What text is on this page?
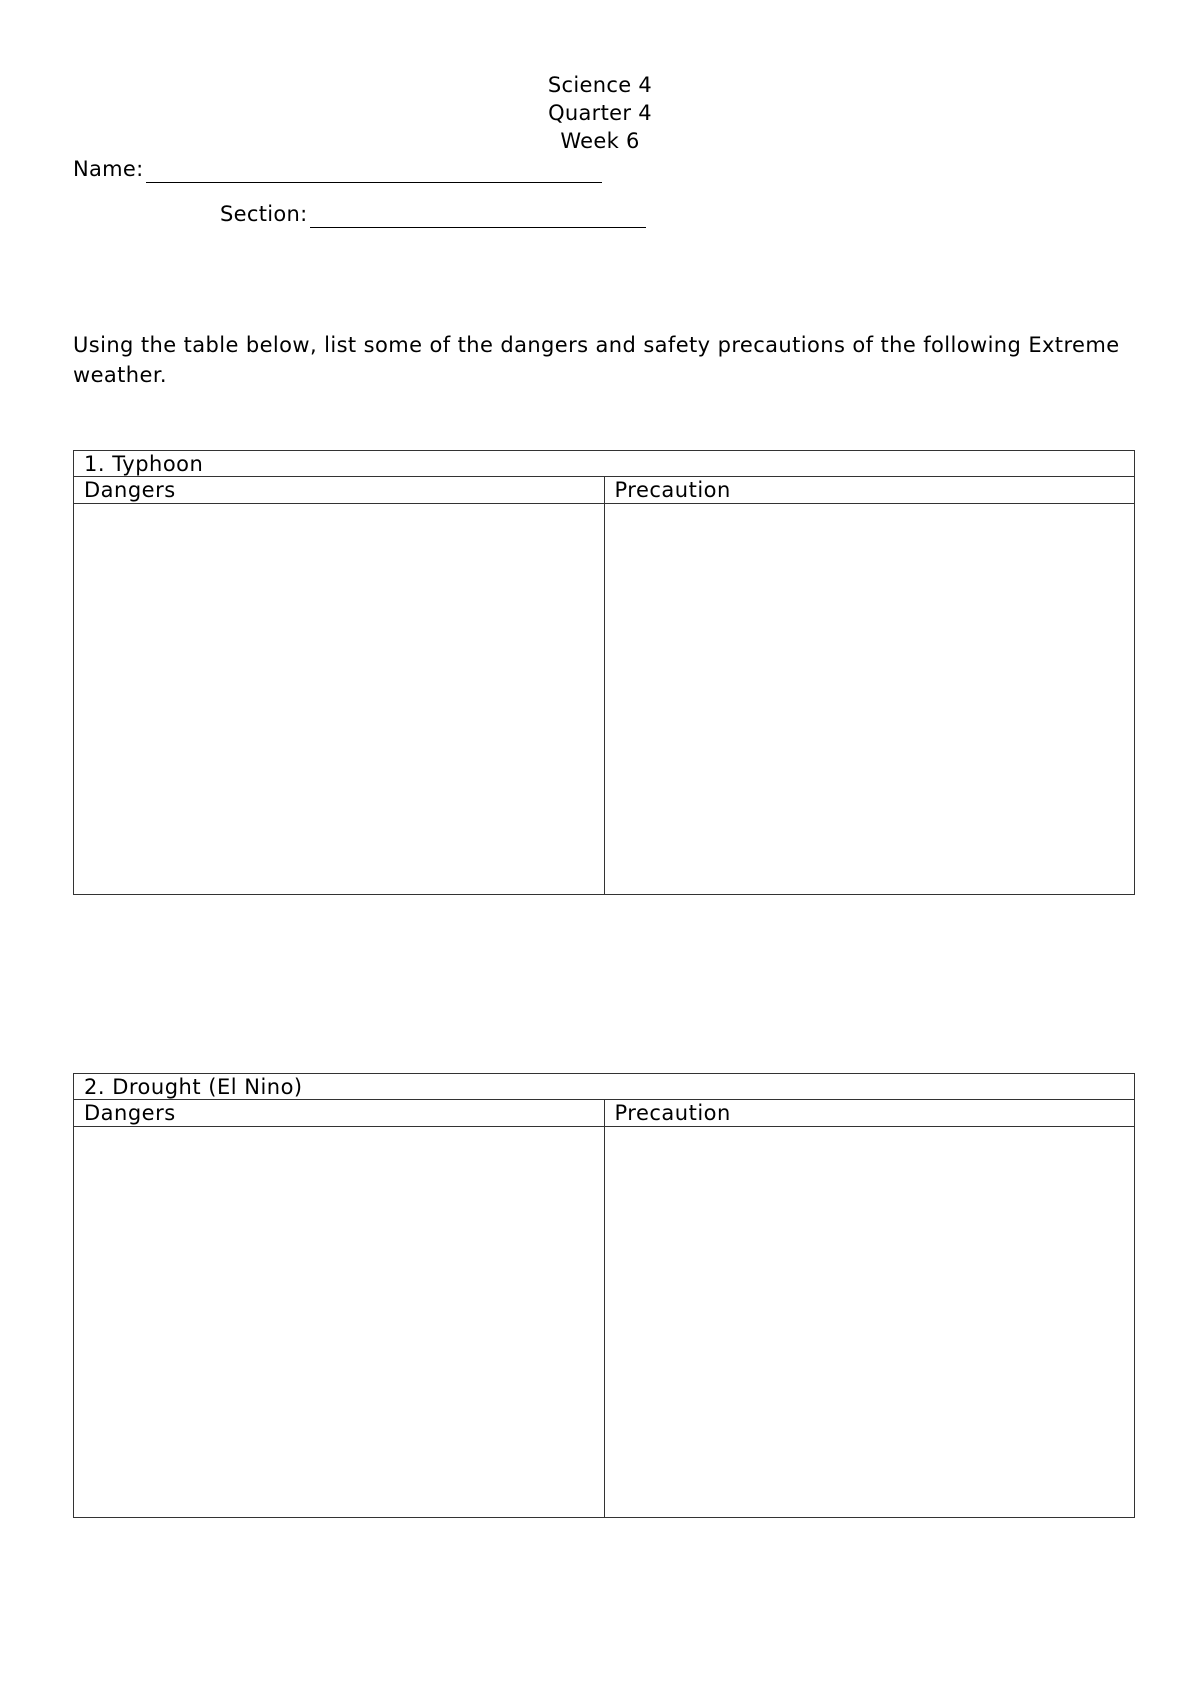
Science 4
Quarter 4
Week 6
Name:
Section:
Using the table below, list some of the dangers and safety precautions of the following Extreme weather.
1. Typhoon	
Dangers	Precaution

2. Drought (El Nino)	
Dangers	Precaution
